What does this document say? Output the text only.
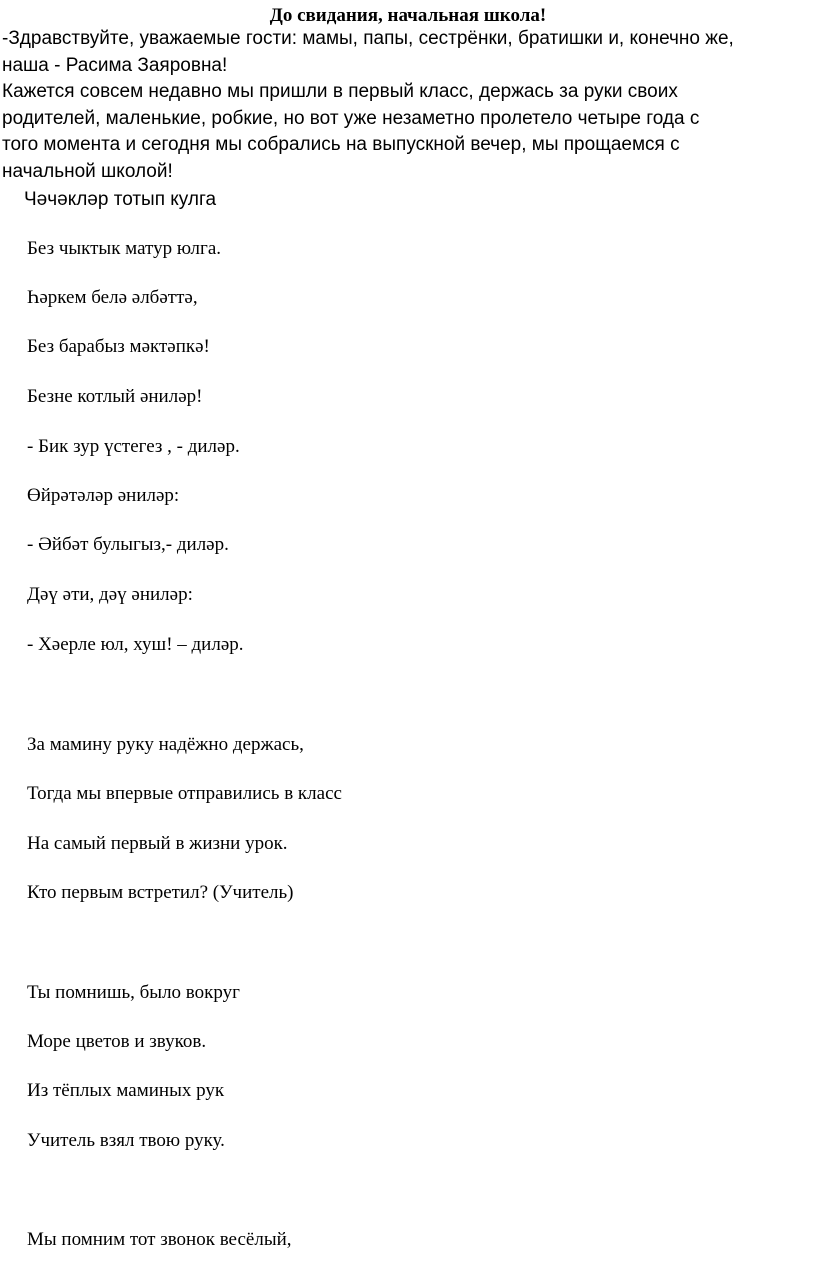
До свидания, начальная школа!

-Здравствуйте, уважаемые гости: мамы, папы, сестрёнки, братишки и, конечно же,

наша - Расима Заяровна!

Кажется совсем недавно мы пришли в первый класс, держась за руки своих

родителей, маленькие, робкие, но вот уже незаметно пролетело четыре года с

того момента и сегодня мы собрались на выпускной вечер, мы прощаемся с

начальной школой!

Чәчәкләр тотып кулга

Без чыктык матур юлга.

Һәркем белә әлбәттә,

Без барабыз мәктәпкә!

Безне котлый әниләр!

- Бик зур үстегез , - диләр.

Өйрәтәләр әниләр:

- Әйбәт булыгыз,- диләр.

Дәү әти, дәү әниләр:

- Хәерле юл, хуш! – диләр.

За мамину руку надёжно держась,

Тогда мы впервые отправились в класс

На самый первый в жизни урок.

Кто первым встретил? (Учитель)

Ты помнишь, было вокруг

Море цветов и звуков.

Из тёплых маминых рук

Учитель взял твою руку.

Мы помним тот звонок весёлый,
